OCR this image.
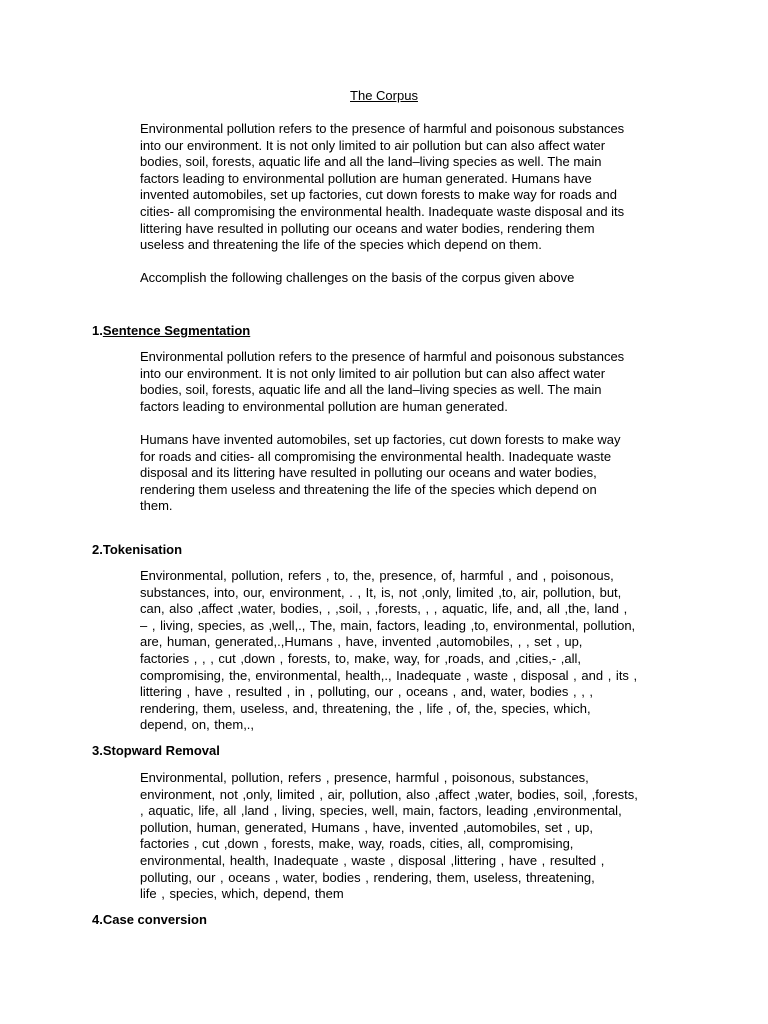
The Corpus

Environmental pollution refers to the presence of harmful and poisonous substances
into our environment. It is not only limited to air pollution but can also affect water
bodies, soil, forests, aquatic life and all the land–living species as well. The main
factors leading to environmental pollution are human generated. Humans have
invented automobiles, set up factories, cut down forests to make way for roads and
cities- all compromising the environmental health. Inadequate waste disposal and its
littering have resulted in polluting our oceans and water bodies, rendering them
useless and threatening the life of the species which depend on them.

Accomplish the following challenges on the basis of the corpus given above

1.Sentence Segmentation

Environmental pollution refers to the presence of harmful and poisonous substances
into our environment. It is not only limited to air pollution but can also affect water
bodies, soil, forests, aquatic life and all the land–living species as well. The main
factors leading to environmental pollution are human generated.

Humans have invented automobiles, set up factories, cut down forests to make way
for roads and cities- all compromising the environmental health. Inadequate waste
disposal and its littering have resulted in polluting our oceans and water bodies,
rendering them useless and threatening the life of the species which depend on
them.

2.Tokenisation

Environmental, pollution, refers , to, the, presence, of, harmful , and , poisonous,
substances, into, our, environment, . , It, is, not ,only, limited ,to, air, pollution, but,
can, also ,affect ,water, bodies, , ,soil, , ,forests, , , aquatic, life, and, all ,the, land ,
– , living, species, as ,well,., The, main, factors, leading ,to, environmental, pollution,
are, human, generated,.,Humans , have, invented ,automobiles, , , set , up,
factories , , , cut ,down , forests, to, make, way, for ,roads, and ,cities,- ,all,
compromising, the, environmental, health,., Inadequate , waste , disposal , and , its ,
littering , have , resulted , in , polluting, our , oceans , and, water, bodies , , ,
rendering, them, useless, and, threatening, the , life , of, the, species, which,
depend, on, them,.,

3.Stopward Removal

Environmental, pollution, refers , presence, harmful , poisonous, substances,
environment, not ,only, limited , air, pollution, also ,affect ,water, bodies, soil, ,forests,
, aquatic, life, all ,land , living, species, well, main, factors, leading ,environmental,
pollution, human, generated, Humans , have, invented ,automobiles, set , up,
factories , cut ,down , forests, make, way, roads, cities, all, compromising,
environmental, health, Inadequate , waste , disposal ,littering , have , resulted ,
polluting, our , oceans , water, bodies , rendering, them, useless, threatening,
life , species, which, depend, them

4.Case conversion
